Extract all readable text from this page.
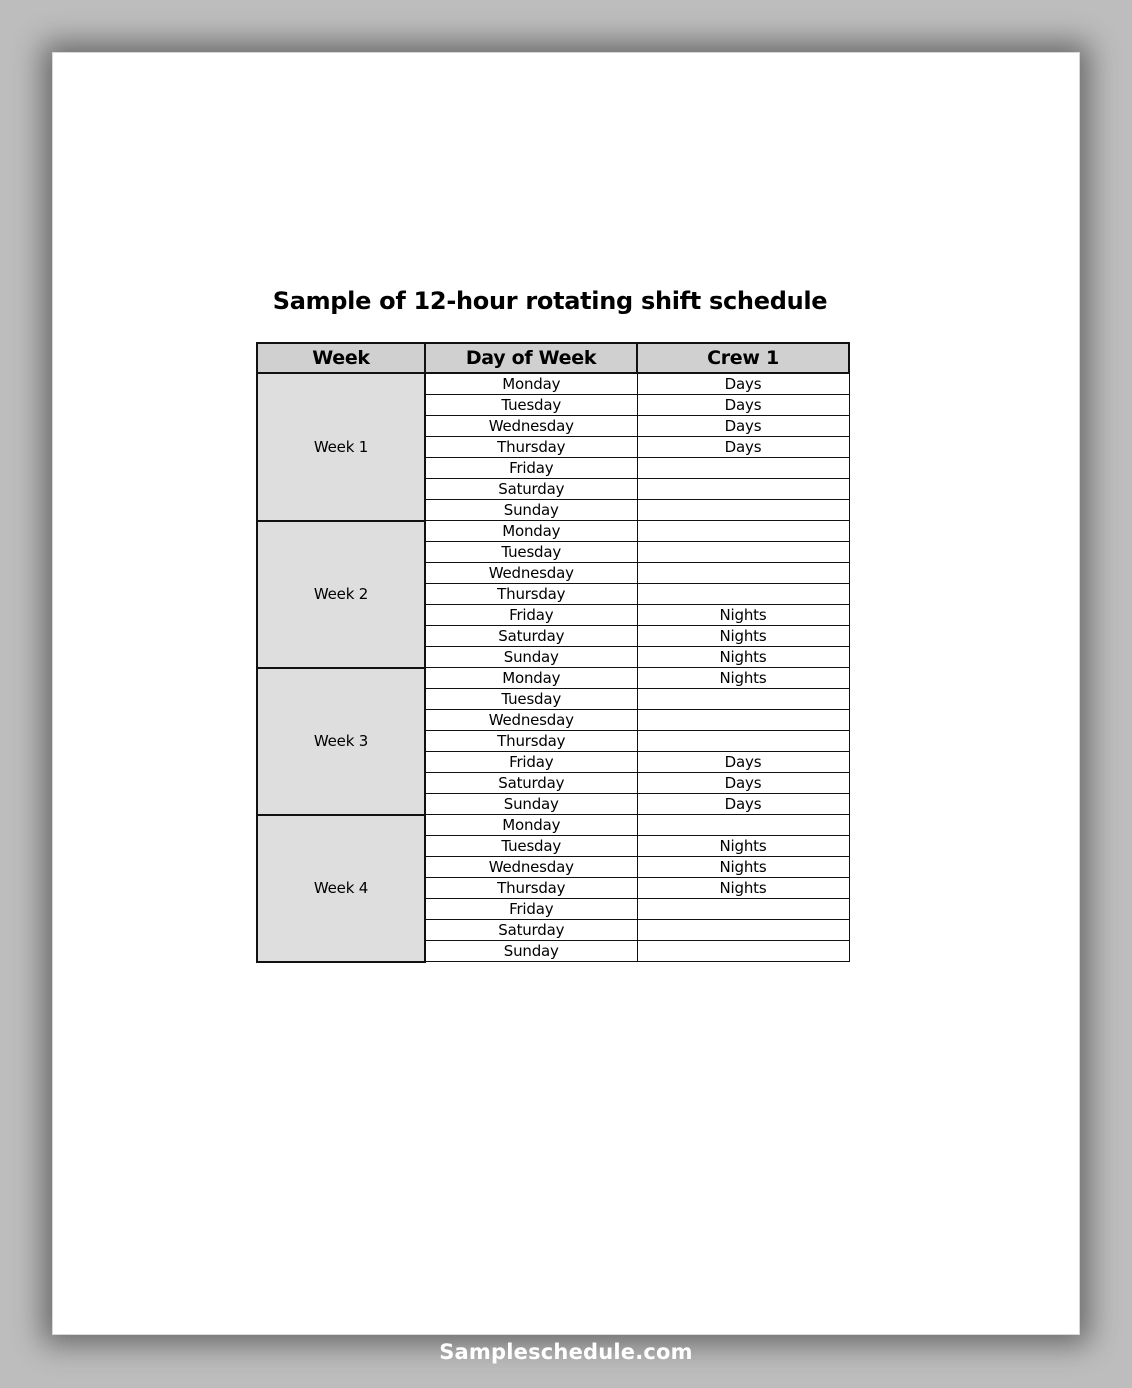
Sample of 12-hour rotating shift schedule
Week	Day of Week	Crew 1
Week 1	Monday	Days
	Tuesday	Days
	Wednesday	Days
	Thursday	Days
	Friday	
	Saturday	
	Sunday	
Week 2	Monday	
	Tuesday	
	Wednesday	
	Thursday	
	Friday	Nights
	Saturday	Nights
	Sunday	Nights
Week 3	Monday	Nights
	Tuesday	
	Wednesday	
	Thursday	
	Friday	Days
	Saturday	Days
	Sunday	Days
Week 4	Monday	
	Tuesday	Nights
	Wednesday	Nights
	Thursday	Nights
	Friday	
	Saturday	
	Sunday	
Sampleschedule.com
